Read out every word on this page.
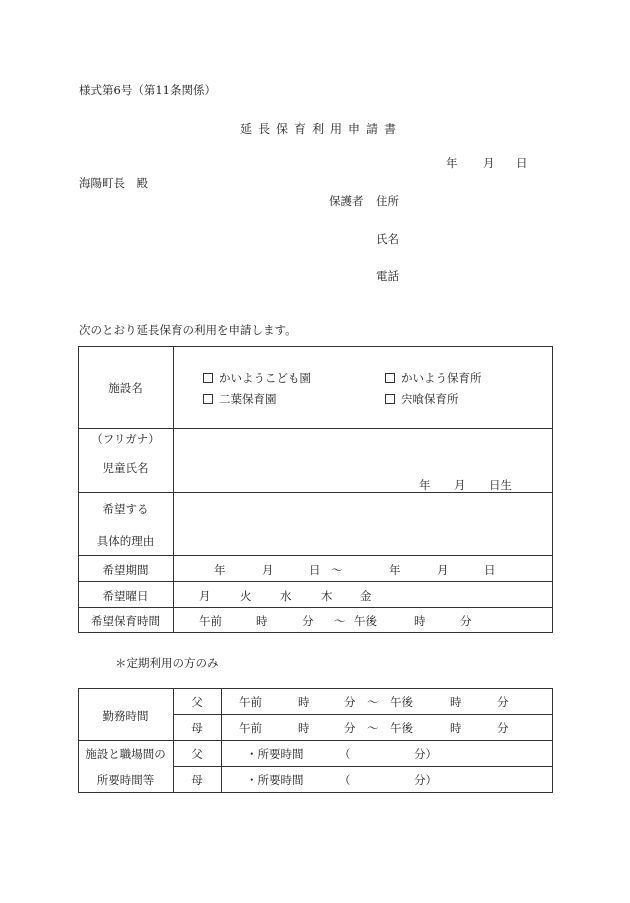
様式第6号（第11条関係）
延長保育利用申請書
年 月 日
海陽町長　殿
保護者 住所
氏名
電話
次のとおり延長保育の利用を申請します。
施設名
かいようこども園	かいよう保育所
二葉保育園	宍喰保育所
（フリガナ）
児童氏名
年 月 日生
希望する
具体的理由
希望期間	年	月	日 ～	年	月	日
希望曜日	月	火 水	木 金
希望保育時間	午前	時	分 ～ 午後	時	分
＊定期利用の方のみ
勤務時間
父	午前	時	分 ～ 午後	時	分
母	午前	時	分 ～ 午後	時	分
施設と職場間の
所要時間等
父	・所要時間	（	分）
母	・所要時間	（	分）
